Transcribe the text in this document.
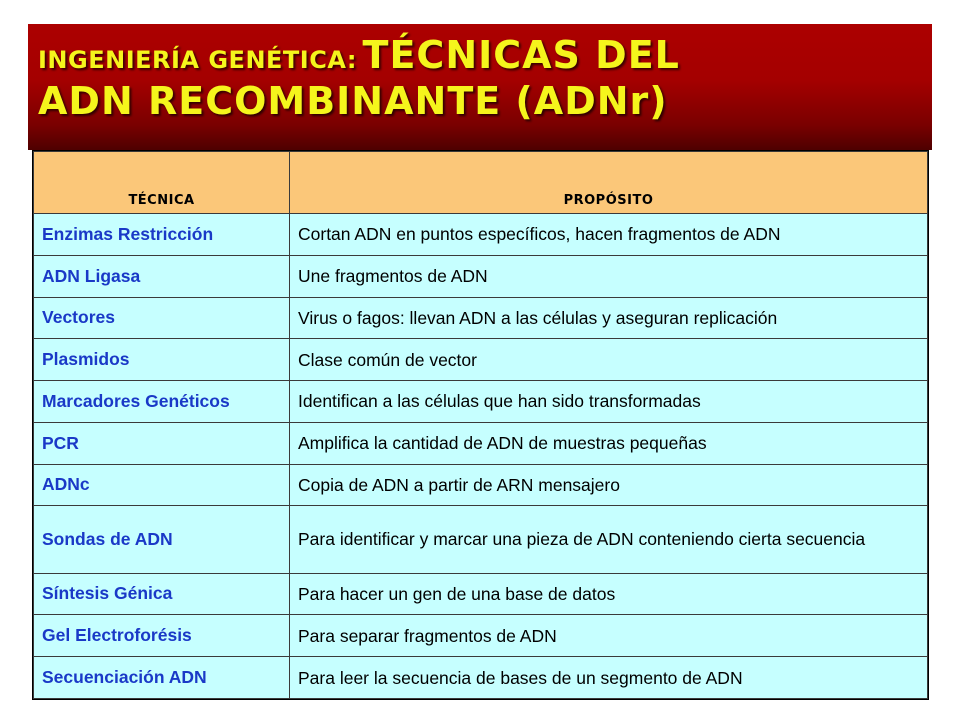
INGENIERÍA GENÉTICA: TÉCNICAS DEL
ADN RECOMBINANTE (ADNr)
TÉCNICA	PROPÓSITO
Enzimas Restricción	Cortan ADN en puntos específicos, hacen fragmentos de ADN
ADN Ligasa	Une fragmentos de ADN
Vectores	Virus o fagos: llevan ADN a las células y aseguran replicación
Plasmidos	Clase común de vector
Marcadores Genéticos	Identifican a las células que han sido transformadas
PCR	Amplifica la cantidad de ADN de muestras pequeñas
ADNc	Copia de ADN a partir de ARN mensajero
Sondas de ADN	Para identificar y marcar una pieza de ADN conteniendo cierta secuencia
Síntesis Génica	Para hacer un gen de una base de datos
Gel Electroforésis	Para separar fragmentos de ADN
Secuenciación ADN	Para leer la secuencia de bases de un segmento de ADN
